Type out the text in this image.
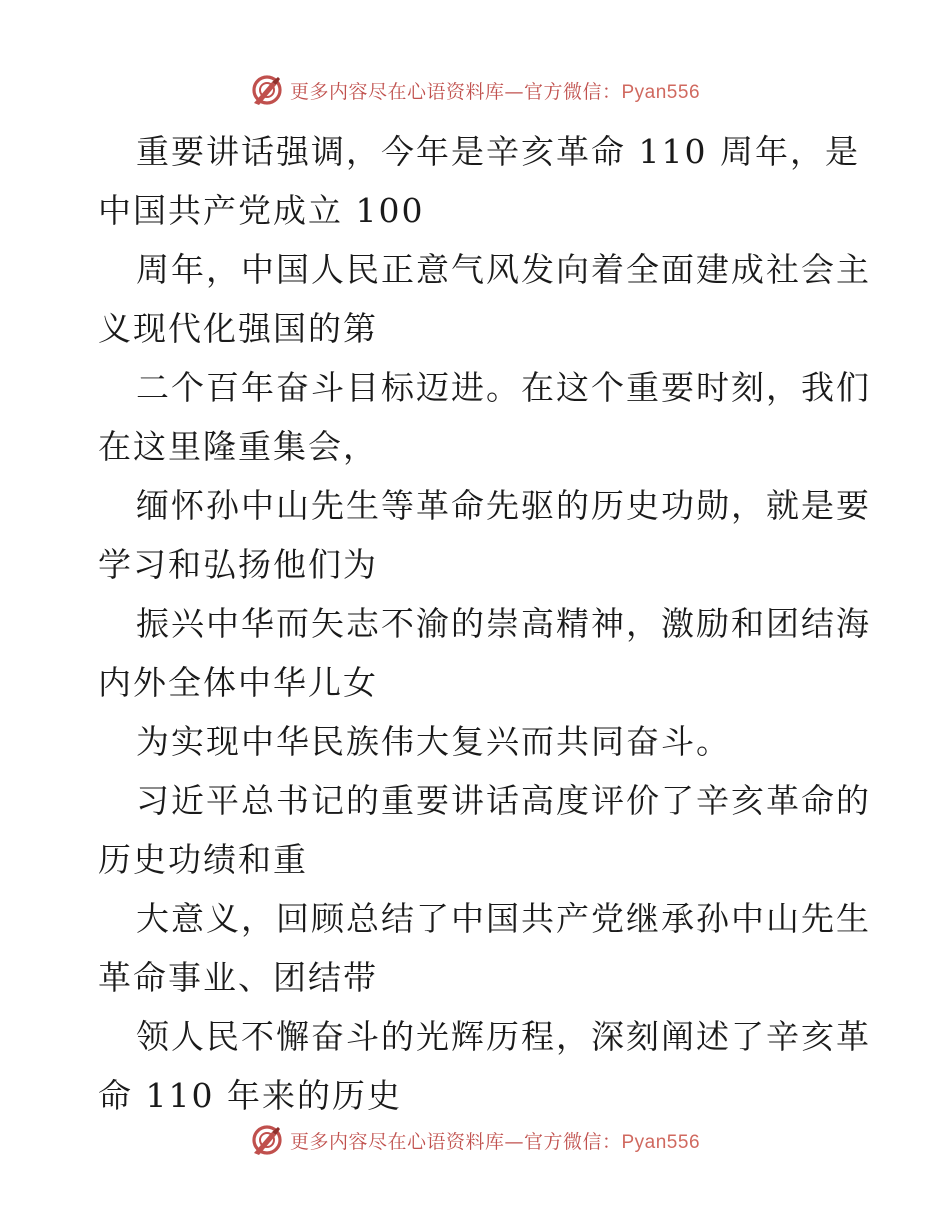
更多内容尽在心语资料库—官方微信：Pyan556

重要讲话强调，今年是辛亥革命 110 周年，是

中国共产党成立 100

周年，中国人民正意气风发向着全面建成社会主

义现代化强国的第

二个百年奋斗目标迈进。在这个重要时刻，我们

在这里隆重集会，

缅怀孙中山先生等革命先驱的历史功勋，就是要

学习和弘扬他们为

振兴中华而矢志不渝的崇高精神，激励和团结海

内外全体中华儿女

为实现中华民族伟大复兴而共同奋斗。

习近平总书记的重要讲话高度评价了辛亥革命的

历史功绩和重

大意义，回顾总结了中国共产党继承孙中山先生

革命事业、团结带

领人民不懈奋斗的光辉历程，深刻阐述了辛亥革

命 110 年来的历史

更多内容尽在心语资料库—官方微信：Pyan556
